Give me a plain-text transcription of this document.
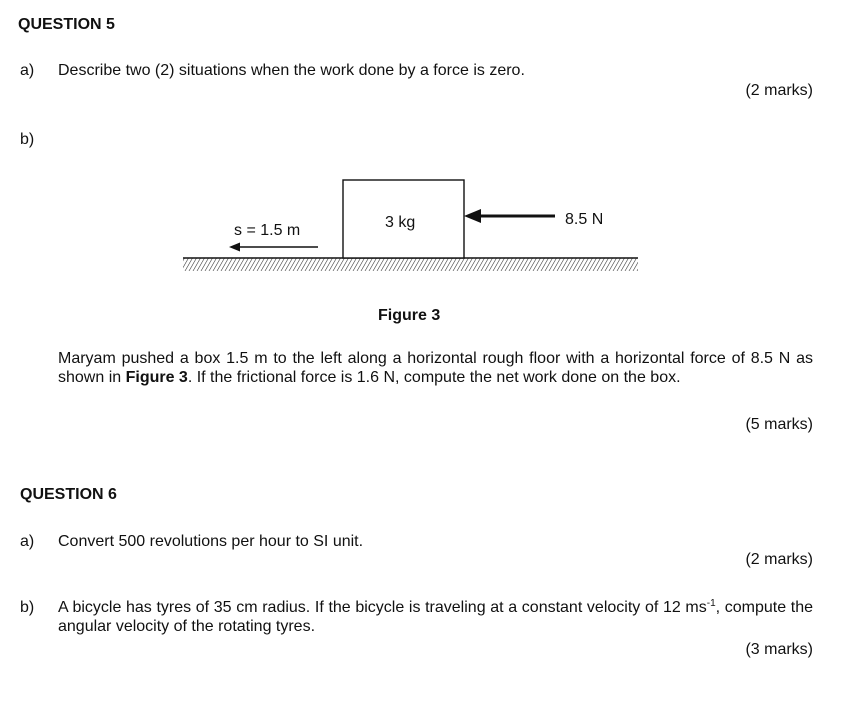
QUESTION 5
a) Describe two (2) situations when the work done by a force is zero.
(2 marks)
b)
3 kg	8.5 N
s = 1.5 m
Figure 3
Maryam pushed a box 1.5 m to the left along a horizontal rough floor with a horizontal force of 8.5 N as shown in Figure 3. If the frictional force is 1.6 N, compute the net work done on the box.
(5 marks)
QUESTION 6
a) Convert 500 revolutions per hour to SI unit.
(2 marks)
b) A bicycle has tyres of 35 cm radius. If the bicycle is traveling at a constant velocity of 12 $ms^{-1}$, compute the angular velocity of the rotating tyres.
(3 marks)
